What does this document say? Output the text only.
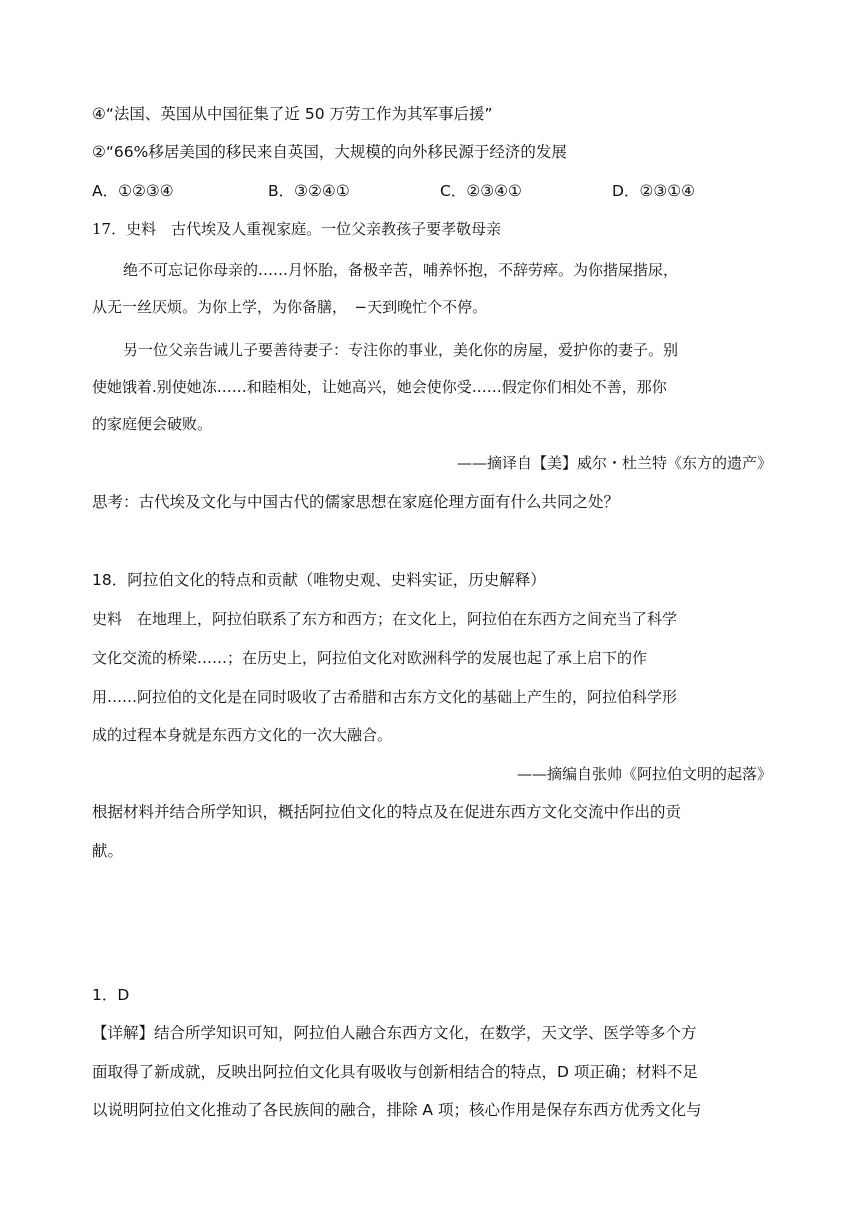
④“法国、英国从中国征集了近 50 万劳工作为其军事后援”
②“66%移居美国的移民来自英国，大规模的向外移民源于经济的发展
A．①②③④	B．③②④①	C．②③④①	D．②③①④
17．史料　古代埃及人重视家庭。一位父亲教孩子要孝敬母亲
绝不可忘记你母亲的……月怀胎，备极辛苦，哺养怀抱，不辞劳瘁。为你揩屎揩尿，
从无一丝厌烦。为你上学，为你备膳，　−天到晚忙个不停。
另一位父亲告诫儿子要善待妻子：专注你的事业，美化你的房屋，爱护你的妻子。别
使她饿着.别使她冻……和睦相处，让她高兴，她会使你受……假定你们相处不善，那你
的家庭便会破败。
——摘译自【美】威尔・杜兰特《东方的遗产》
思考：古代埃及文化与中国古代的儒家思想在家庭伦理方面有什么共同之处？
18．阿拉伯文化的特点和贡献（唯物史观、史料实证，历史解释）
史料　在地理上，阿拉伯联系了东方和西方；在文化上，阿拉伯在东西方之间充当了科学
文化交流的桥梁……；在历史上，阿拉伯文化对欧洲科学的发展也起了承上启下的作
用……阿拉伯的文化是在同时吸收了古希腊和古东方文化的基础上产生的，阿拉伯科学形
成的过程本身就是东西方文化的一次大融合。
——摘编自张帅《阿拉伯文明的起落》
根据材料并结合所学知识，概括阿拉伯文化的特点及在促进东西方文化交流中作出的贡
献。
1．D
【详解】结合所学知识可知，阿拉伯人融合东西方文化，在数学，天文学、医学等多个方
面取得了新成就，反映出阿拉伯文化具有吸收与创新相结合的特点，D 项正确；材料不足
以说明阿拉伯文化推动了各民族间的融合，排除 A 项；核心作用是保存东西方优秀文化与
